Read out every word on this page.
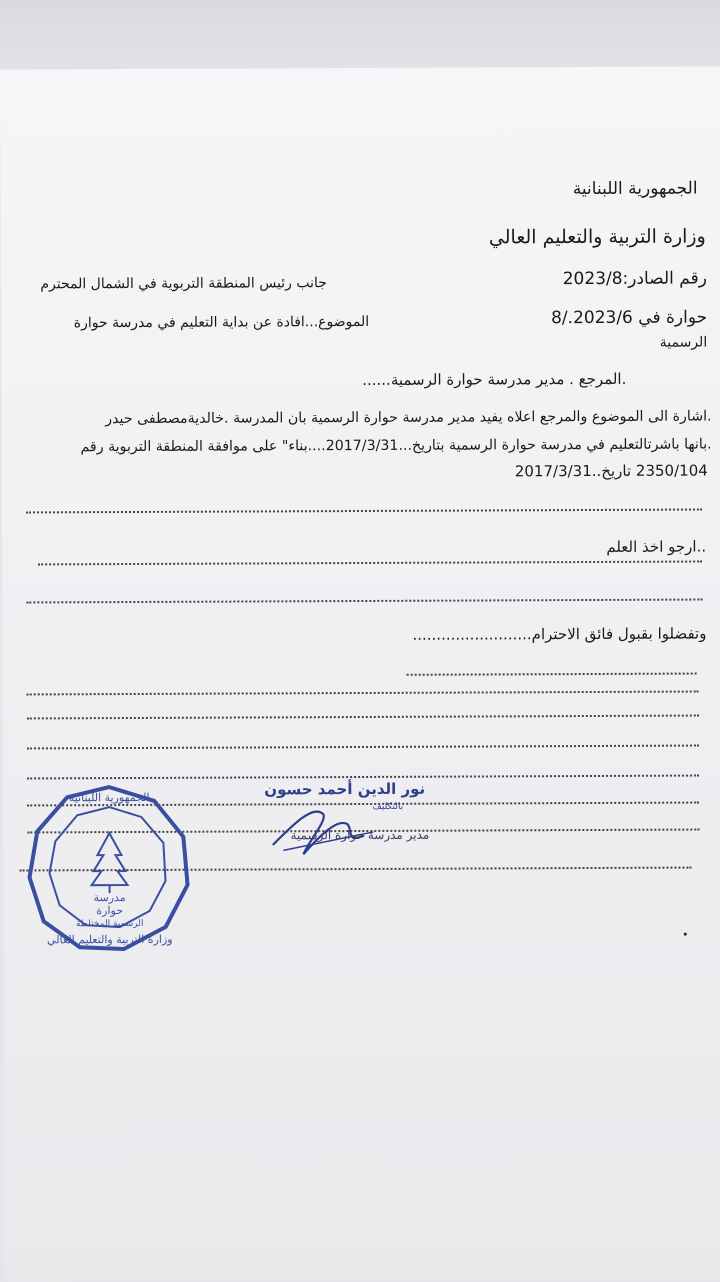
الجمهورية اللبنانية
وزارة التربية والتعليم العالي
رقم الصادر:2023/8
جانب رئيس المنطقة التربوية في الشمال المحترم
حوارة في 2023/6./8
الموضوع...افادة عن بداية التعليم في مدرسة حوارة
الرسمية
.المرجع . مدير مدرسة حوارة الرسمية......
.اشارة الى الموضوع والمرجع اعلاه يفيد مدير مدرسة حوارة الرسمية بان المدرسة .خالديةمصطفى حيدر
.بانها باشرتالتعليم في مدرسة حوارة الرسمية بتاريخ...2017/3/31....بناء" على موافقة المنطقة التربوية رقم
2350/104 تاريخ..2017/3/31
..ارجو اخذ العلم
وتفضلوا بقبول فائق الاحترام.........................
الجمهورية اللبنانية
وزارة التربية والتعليم العالي
مدرسة
حوارة
الرسمية المختلطة
نور الدين أحمد حسون
بالتكليف
مدير مدرسة حوارة الرسمية
